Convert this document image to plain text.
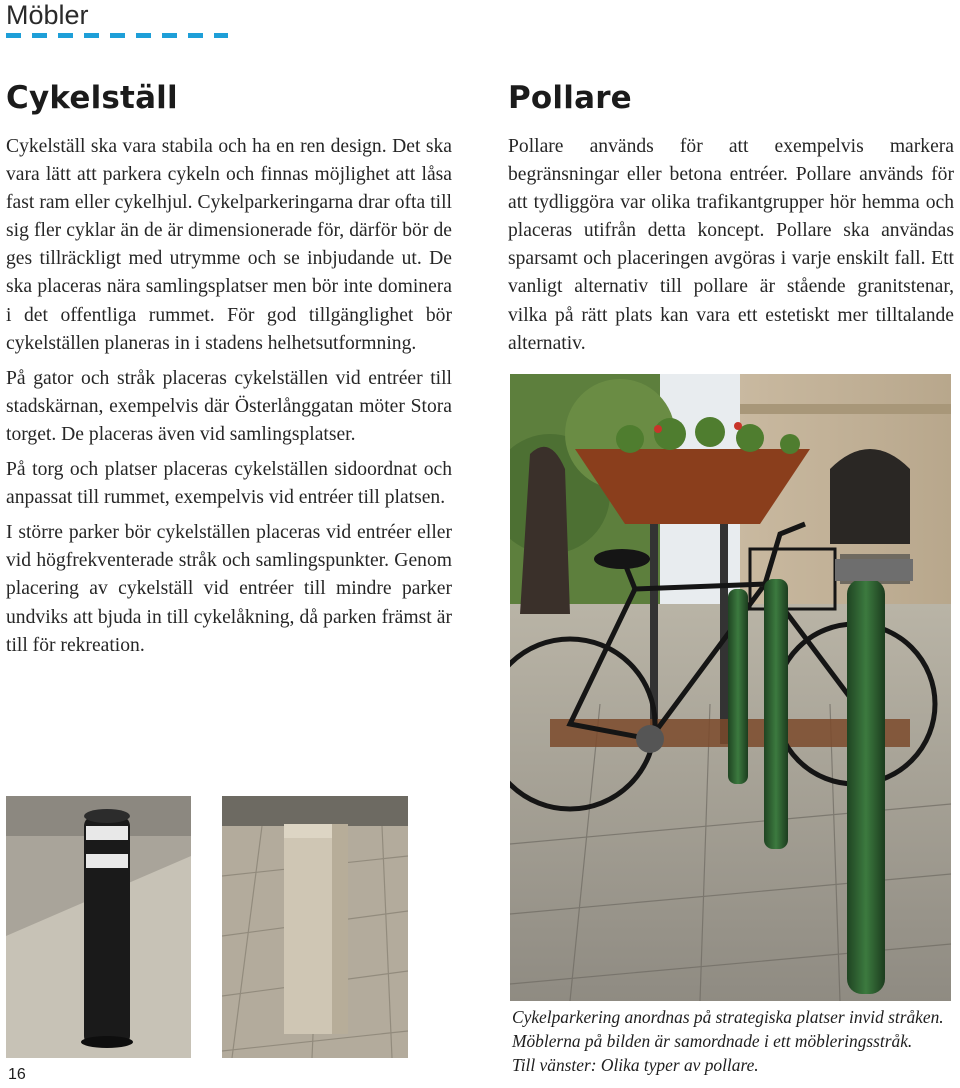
Möbler
Cykelställ	Pollare

Cykelställ ska vara stabila och ha en ren design. Det ska vara lätt att parkera cykeln och finnas möjlighet att låsa fast ram eller cykelhjul. Cykelparkeringarna drar ofta till sig fler cyklar än de är dimensionerade för, därför bör de ges tillräckligt med utrymme och se inbjudande ut. De ska placeras nära samlingsplatser men bör inte dominera i det offentliga rummet. För god tillgänglighet bör cykelställen planeras in i stadens helhetsutformning.

På gator och stråk placeras cykelställen vid entréer till stadskärnan, exempelvis där Österlånggatan möter Stora torget. De placeras även vid samlingsplatser.

På torg och platser placeras cykelställen sidoordnat och anpassat till rummet, exempelvis vid entréer till platsen.

I större parker bör cykelställen placeras vid entréer eller vid högfrekventerade stråk och samlingspunkter. Genom placering av cykelställ vid entréer till mindre parker undviks att bjuda in till cykelåkning, då parken främst är till för rekreation.

Pollare används för att exempelvis markera begränsningar eller betona entréer. Pollare används för att tydliggöra var olika trafikantgrupper hör hemma och placeras utifrån detta koncept. Pollare ska användas sparsamt och placeringen avgöras i varje enskilt fall. Ett vanligt alternativ till pollare är stående granitstenar, vilka på rätt plats kan vara ett estetiskt mer tilltalande alternativ.

Cykelparkering anordnas på strategiska platser invid stråken.
Möblerna på bilden är samordnade i ett möbleringsstråk.
Till vänster: Olika typer av pollare.
16
